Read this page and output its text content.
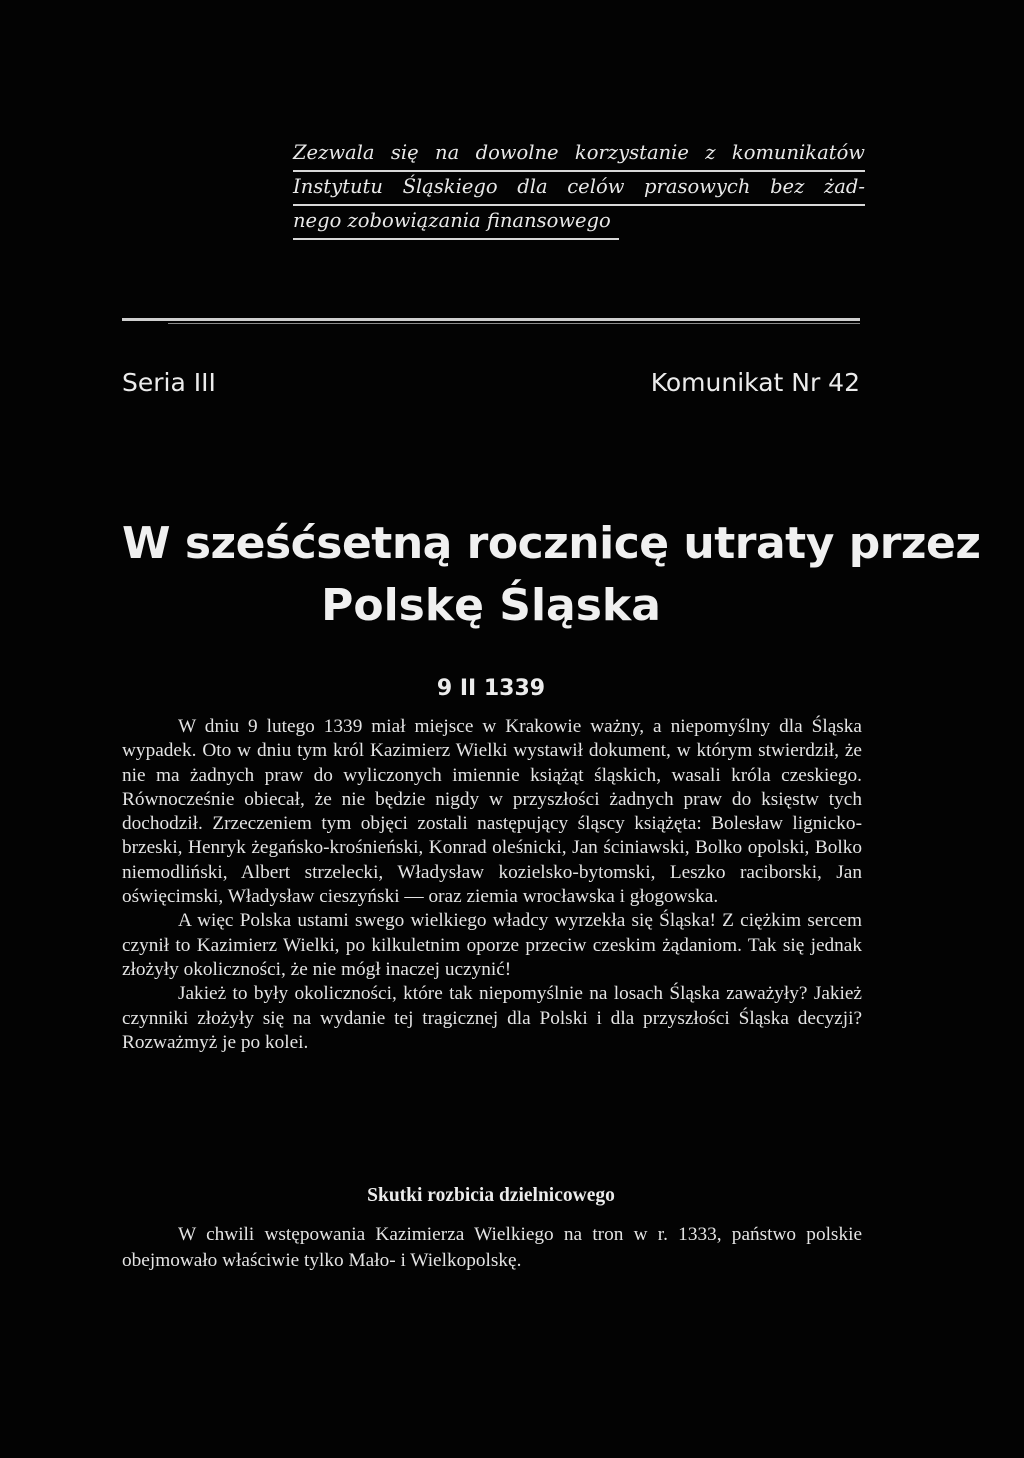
Zezwala się na dowolne korzystanie z komunikatów
Instytutu Śląskiego dla celów prasowych bez żad-
nego zobowiązania finansowego
Seria III	Komunikat Nr 42
W sześćsetną rocznicę utraty przez
Polskę Śląska
9 II 1339

W dniu 9 lutego 1339 miał miejsce w Krakowie ważny, a niepomyślny dla Śląska wypadek. Oto w dniu tym król Kazimierz Wielki wystawił dokument, w którym stwierdził, że nie ma żadnych praw do wyliczonych imiennie książąt śląskich, wasali króla czeskiego. Równocześnie obiecał, że nie będzie nigdy w przyszłości żadnych praw do księstw tych dochodził. Zrzeczeniem tym objęci zostali następujący śląscy książęta: Bolesław lignicko-brzeski, Henryk żegańsko-krośnieński, Konrad oleśnicki, Jan ściniawski, Bolko opolski, Bolko niemodliński, Albert strzelecki, Władysław kozielsko-bytomski, Leszko raciborski, Jan oświęcimski, Władysław cieszyński — oraz ziemia wrocławska i głogowska.

A więc Polska ustami swego wielkiego władcy wyrzekła się Śląska! Z ciężkim sercem czynił to Kazimierz Wielki, po kilkuletnim oporze przeciw czeskim żądaniom. Tak się jednak złożyły okoliczności, że nie mógł inaczej uczynić!

Jakież to były okoliczności, które tak niepomyślnie na losach Śląska zaważyły? Jakież czynniki złożyły się na wydanie tej tragicznej dla Polski i dla przyszłości Śląska decyzji? Rozważmyż je po kolei.

Skutki rozbicia dzielnicowego

W chwili wstępowania Kazimierza Wielkiego na tron w r. 1333, państwo polskie obejmowało właściwie tylko Mało- i Wielkopolskę.
